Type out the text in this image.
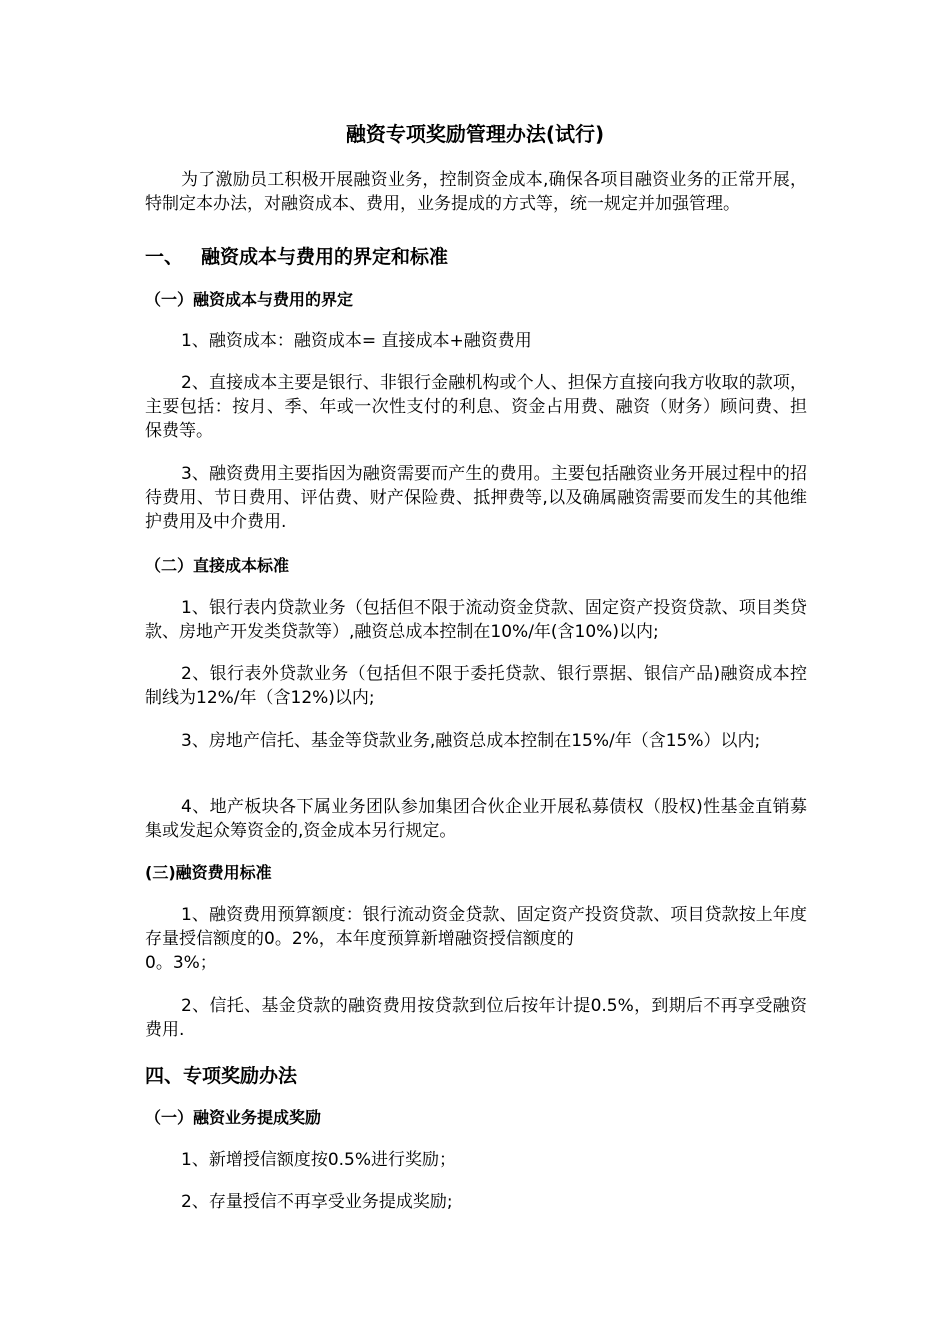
融资专项奖励管理办法(试行)

为了激励员工积极开展融资业务，控制资金成本,确保各项目融资业务的正常开展，特制定本办法，对融资成本、费用，业务提成的方式等，统一规定并加强管理。

一、 融资成本与费用的界定和标准
（一）融资成本与费用的界定

1、融资成本：融资成本= 直接成本+融资费用

2、直接成本主要是银行、非银行金融机构或个人、担保方直接向我方收取的款项，主要包括：按月、季、年或一次性支付的利息、资金占用费、融资（财务）顾问费、担保费等。

3、融资费用主要指因为融资需要而产生的费用。主要包括融资业务开展过程中的招待费用、节日费用、评估费、财产保险费、抵押费等,以及确属融资需要而发生的其他维护费用及中介费用.

（二）直接成本标准

1、银行表内贷款业务（包括但不限于流动资金贷款、固定资产投资贷款、项目类贷款、房地产开发类贷款等）,融资总成本控制在10%/年(含10%)以内;

2、银行表外贷款业务（包括但不限于委托贷款、银行票据、银信产品)融资成本控制线为12%/年（含12%)以内;

3、房地产信托、基金等贷款业务,融资总成本控制在15%/年（含15%）以内;

4、地产板块各下属业务团队参加集团合伙企业开展私募债权（股权)性基金直销募集或发起众筹资金的,资金成本另行规定。

(三)融资费用标准

1、融资费用预算额度：银行流动资金贷款、固定资产投资贷款、项目贷款按上年度存量授信额度的0。2%，本年度预算新增融资授信额度的

0。3%；

2、信托、基金贷款的融资费用按贷款到位后按年计提0.5%，到期后不再享受融资费用.

四、专项奖励办法
（一）融资业务提成奖励

1、新增授信额度按0.5%进行奖励；

2、存量授信不再享受业务提成奖励;
